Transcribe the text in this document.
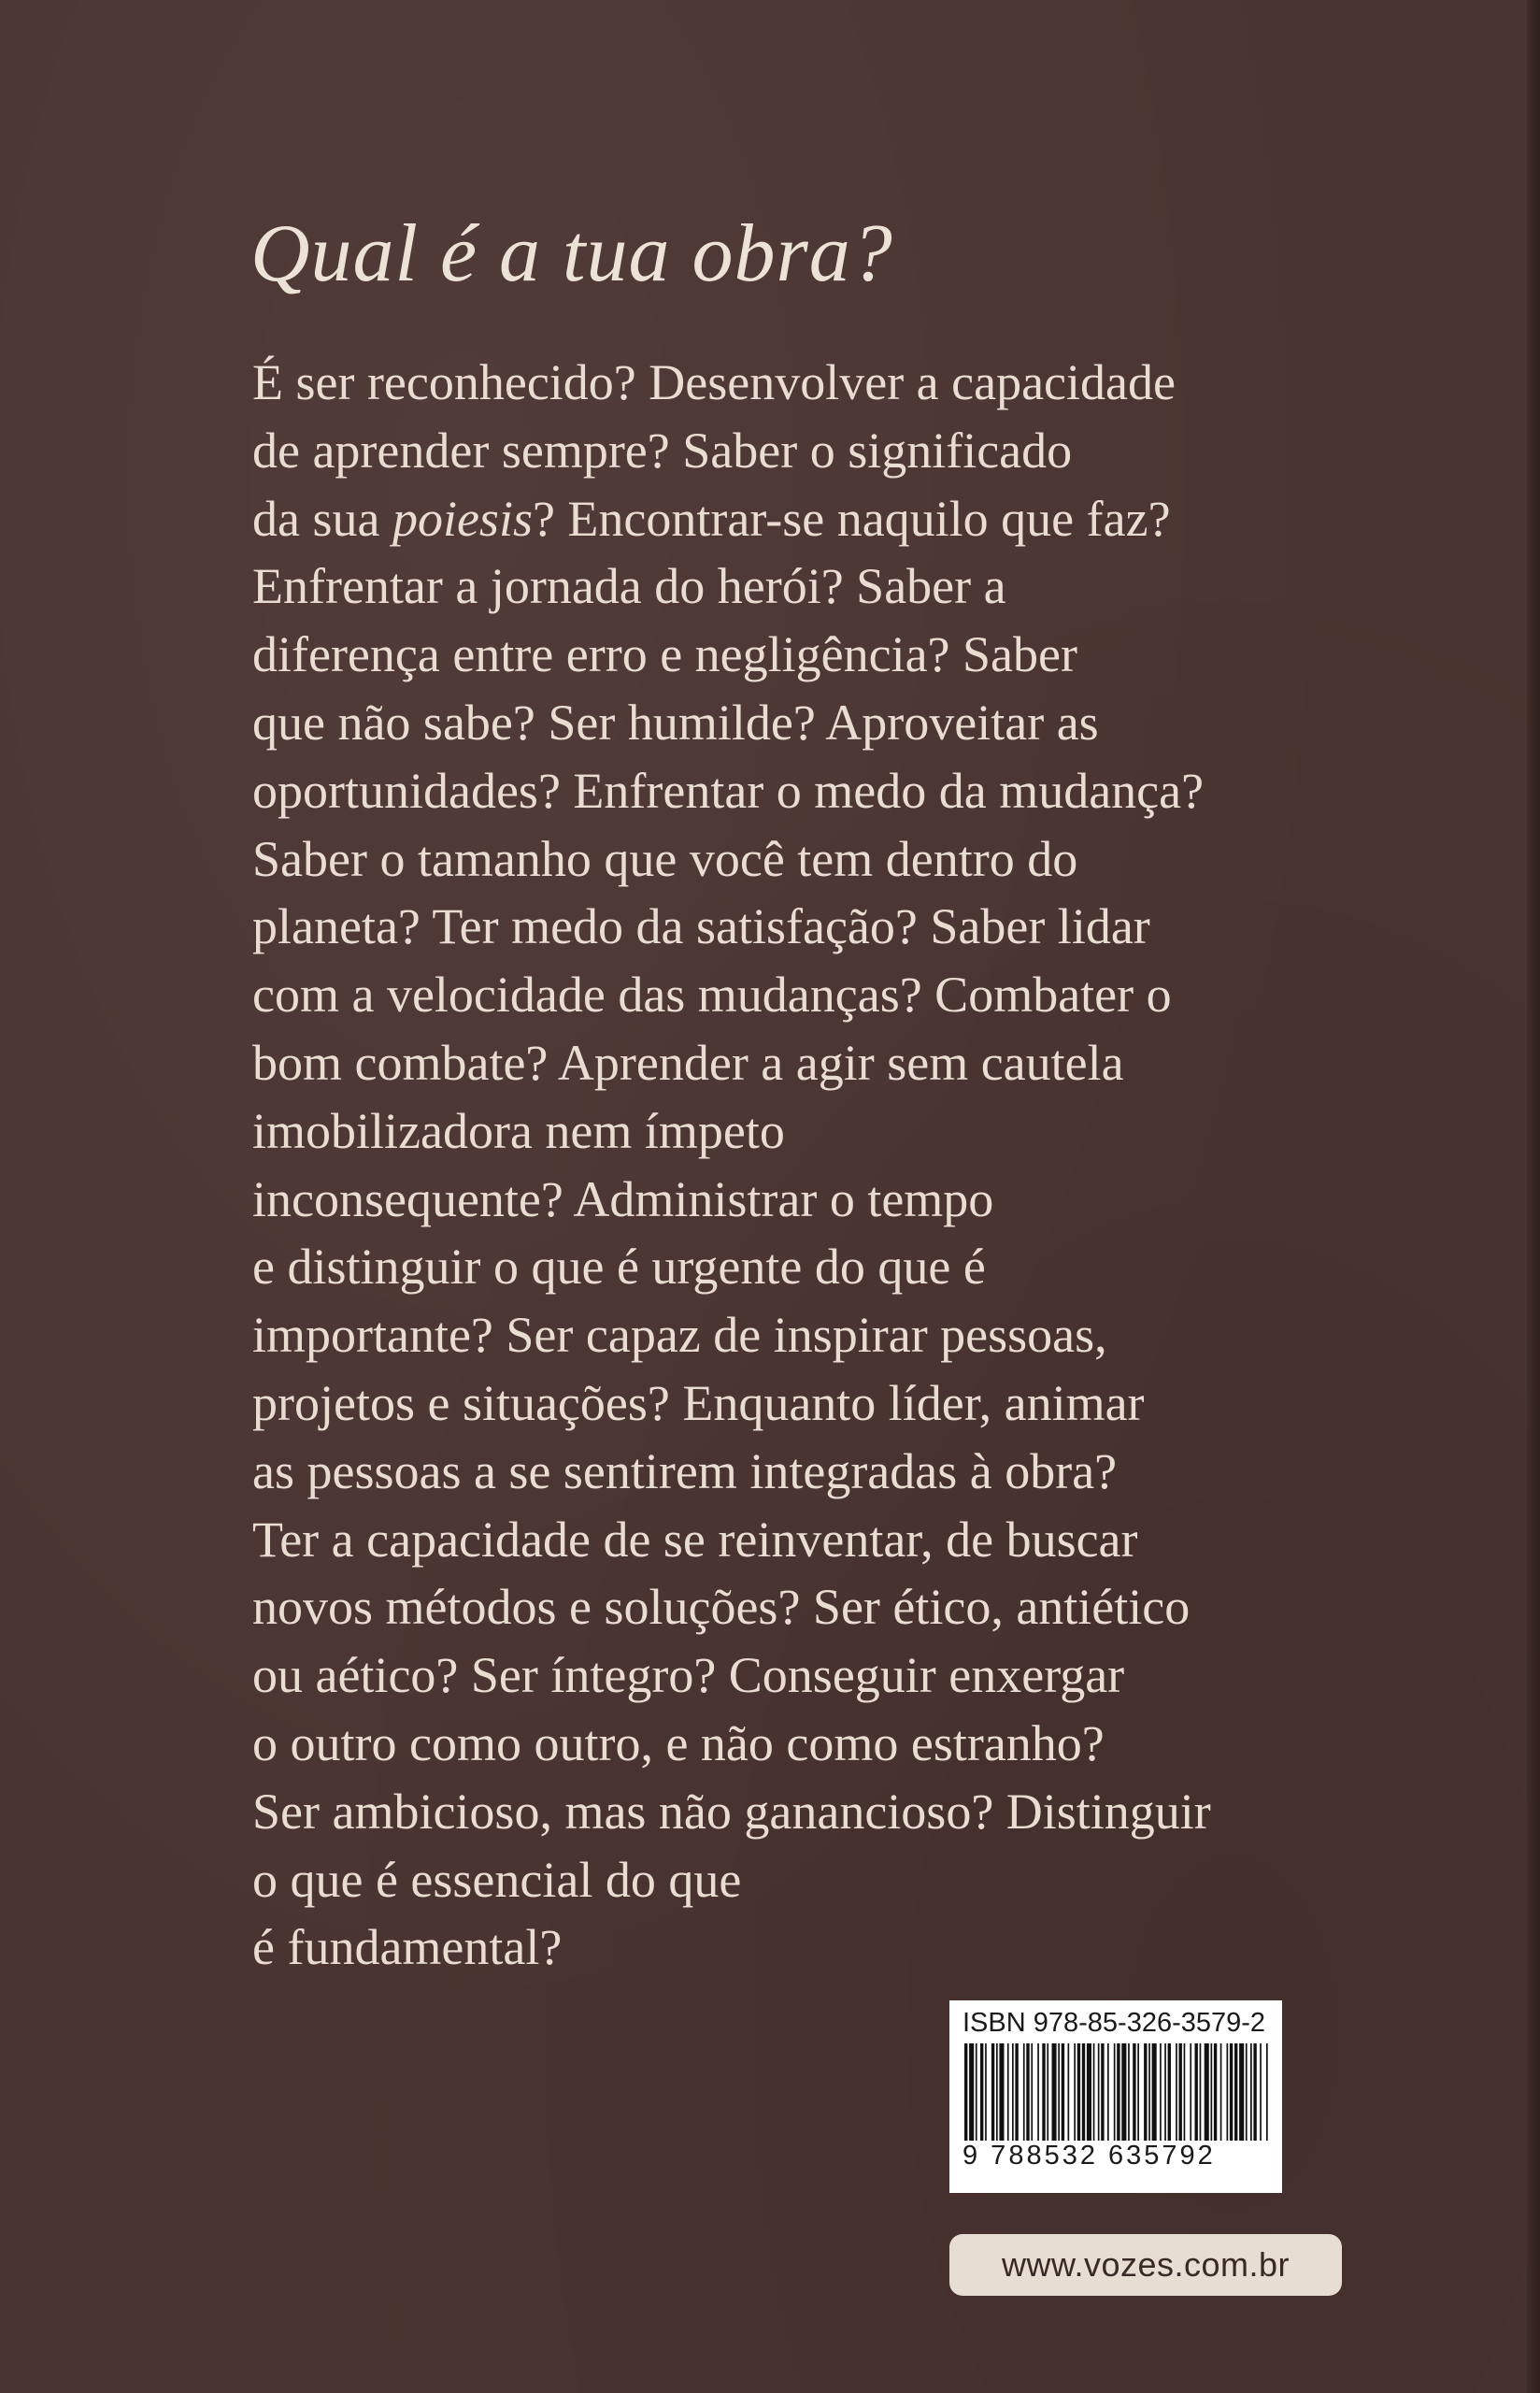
Qual é a tua obra?
É ser reconhecido? Desenvolver a capacidade
de aprender sempre? Saber o significado
da sua poiesis? Encontrar-se naquilo que faz?
Enfrentar a jornada do herói? Saber a
diferença entre erro e negligência? Saber
que não sabe? Ser humilde? Aproveitar as
oportunidades? Enfrentar o medo da mudança?
Saber o tamanho que você tem dentro do
planeta? Ter medo da satisfação? Saber lidar
com a velocidade das mudanças? Combater o
bom combate? Aprender a agir sem cautela
imobilizadora nem ímpeto
inconsequente? Administrar o tempo
e distinguir o que é urgente do que é
importante? Ser capaz de inspirar pessoas,
projetos e situações? Enquanto líder, animar
as pessoas a se sentirem integradas à obra?
Ter a capacidade de se reinventar, de buscar
novos métodos e soluções? Ser ético, antiético
ou aético? Ser íntegro? Conseguir enxergar
o outro como outro, e não como estranho?
Ser ambicioso, mas não ganancioso? Distinguir
o que é essencial do que
é fundamental?
ISBN 978-85-326-3579-2
9 788532 635792
www.vozes.com.br
